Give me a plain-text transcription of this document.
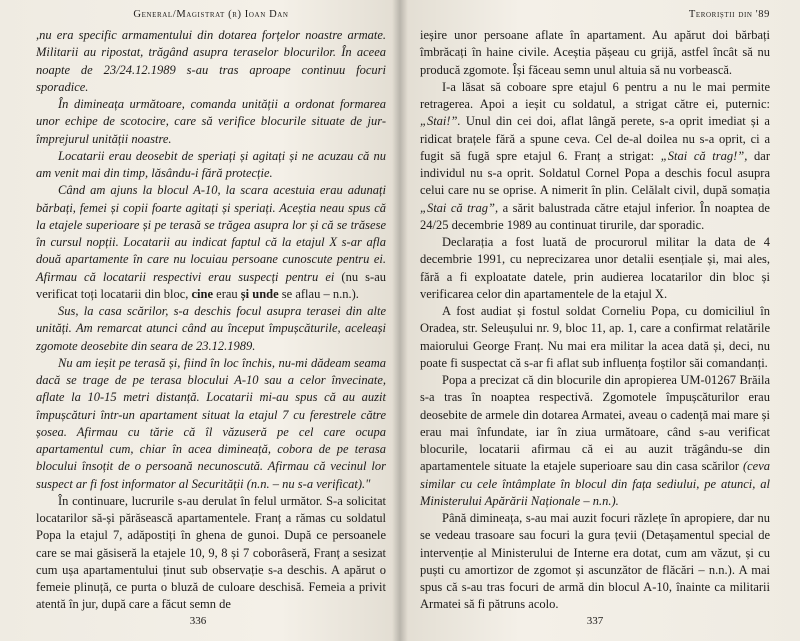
General/Magistrat (r) Ioan Dan

,nu era specific armamentului din dotarea forțelor noastre armate. Militarii au ripostat, trăgând asupra teraselor blocurilor. În aceea noapte de 23/24.12.1989 s-au tras aproape continuu focuri sporadice.

În dimineața următoare, comanda unității a ordonat formarea unor echipe de scotocire, care să verifice blocurile situate de jur-împrejurul unității noastre.

Locatarii erau deosebit de speriați și agitați și ne acuzau că nu am venit mai din timp, lăsându-i fără protecție.

Când am ajuns la blocul A-10, la scara acestuia erau adunați bărbați, femei și copii foarte agitați și speriați. Aceștia neau spus că la etajele superioare și pe terasă se trăgea asupra lor și că se trăsese în cursul nopții. Locatarii au indicat faptul că la etajul X s-ar afla două apartamente în care nu locuiau persoane cunoscute pentru ei. Afirmau că locatarii respectivi erau suspecți pentru ei (nu s-au verificat toți locatarii din bloc, cine erau și unde se aflau – n.n.).

Sus, la casa scărilor, s-a deschis focul asupra terasei din alte unități. Am remarcat atunci când au început împușcăturile, aceleași zgomote deosebite din seara de 23.12.1989.

Nu am ieșit pe terasă și, fiind în loc închis, nu-mi dădeam seama dacă se trage de pe terasa blocului A-10 sau a celor învecinate, aflate la 10-15 metri distanță. Locatarii mi-au spus că au auzit împușcături într-un apartament situat la etajul 7 cu ferestrele către șosea. Afirmau cu tărie că îl văzuseră pe cel care ocupa apartamentul cum, chiar în acea dimineață, cobora de pe terasa blocului însoțit de o persoană necunoscută. Afirmau că vecinul lor suspect ar fi fost informator al Securității (n.n. – nu s-a verificat)."

În continuare, lucrurile s-au derulat în felul următor. S-a solicitat locatarilor să-și părăsească apartamentele. Franț a rămas cu soldatul Popa la etajul 7, adăpostiți în ghena de gunoi. După ce persoanele care se mai găsiseră la etajele 10, 9, 8 și 7 coborâseră, Franț a sesizat cum ușa apartamentului ținut sub observație s-a deschis. A apărut o femeie plinuță, ce purta o bluză de culoare deschisă. Femeia a privit atentă în jur, după care a făcut semn de

336
Teroriștii din '89

ieșire unor persoane aflate în apartament. Au apărut doi bărbați îmbrăcați în haine civile. Aceștia pășeau cu grijă, astfel încât să nu producă zgomote. Își făceau semn unul altuia să nu vorbească.

I-a lăsat să coboare spre etajul 6 pentru a nu le mai permite retragerea. Apoi a ieșit cu soldatul, a strigat către ei, puternic: „Stai!”. Unul din cei doi, aflat lângă perete, s-a oprit imediat și a ridicat brațele fără a spune ceva. Cel de-al doilea nu s-a oprit, ci a fugit să fugă spre etajul 6. Franț a strigat: „Stai că trag!”, dar individul nu s-a oprit. Soldatul Cornel Popa a deschis focul asupra celui care nu se oprise. A nimerit în plin. Celălalt civil, după somația „Stai că trag”, a sărit balustrada către etajul inferior. În noaptea de 24/25 decembrie 1989 au continuat tirurile, dar sporadic.

Declarația a fost luată de procurorul militar la data de 4 decembrie 1991, cu neprecizarea unor detalii esențiale și, mai ales, fără a fi exploatate datele, prin audierea locatarilor din bloc și verificarea celor din apartamentele de la etajul X.

A fost audiat și fostul soldat Corneliu Popa, cu domiciliul în Oradea, str. Seleușului nr. 9, bloc 11, ap. 1, care a confirmat relatările maiorului George Franț. Nu mai era militar la acea dată și, deci, nu poate fi suspectat că s-ar fi aflat sub influența foștilor săi comandanți.

Popa a precizat că din blocurile din apropierea UM-01267 Brăila s-a tras în noaptea respectivă. Zgomotele împușcăturilor erau deosebite de armele din dotarea Armatei, aveau o cadență mai mare și erau mai înfundate, iar în ziua următoare, când s-au verificat blocurile, locatarii afirmau că ei au auzit trăgându-se din apartamentele situate la etajele superioare sau din casa scărilor (ceva similar cu cele întâmplate în blocul din fața sediului, pe atunci, al Ministerului Apărării Naționale – n.n.).

Până dimineața, s-au mai auzit focuri răzlețe în apropiere, dar nu se vedeau trasoare sau focuri la gura țevii (Detașamentul special de intervenție al Ministerului de Interne era dotat, cum am văzut, și cu puști cu amortizor de zgomot și ascunzător de flăcări – n.n.). A mai spus că s-au tras focuri de armă din blocul A-10, înainte ca militarii Armatei să fi pătruns acolo.

337
